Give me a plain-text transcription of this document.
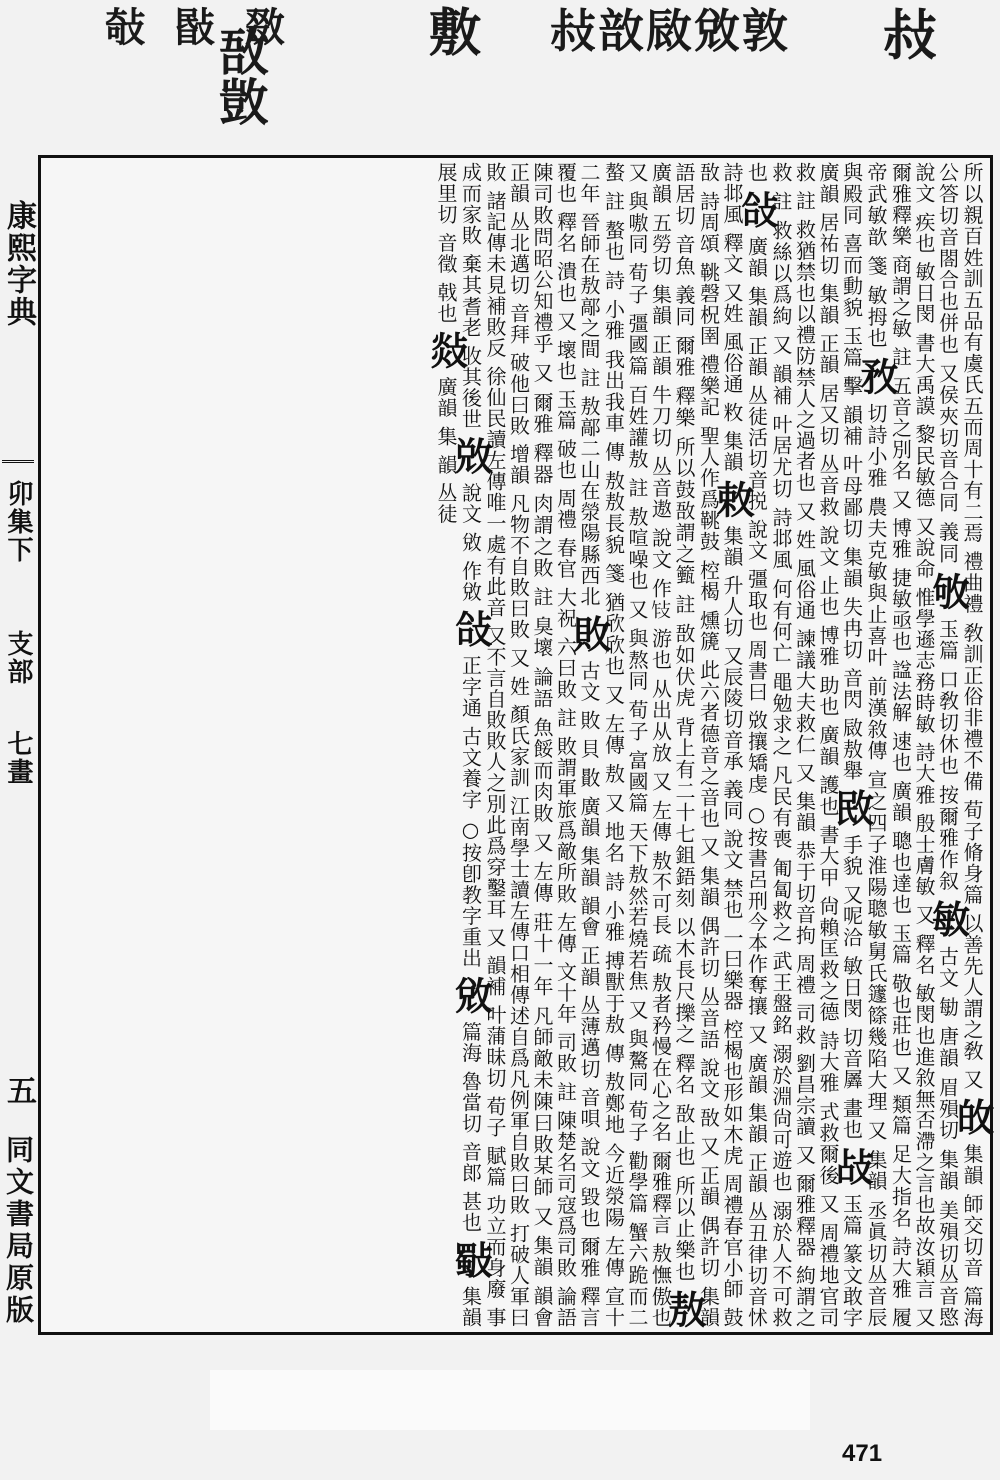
敊
敊敨敐敓敦
敷
敔敳
敧敯敪
康熙字典
卯集下
支部
七畫
五
同文書局原版
所以親百姓訓五品有虞氏五而周十有二焉 禮曲禮 敎訓正俗非禮不備 荀子脩身篇 以善先人謂之敎 又 敀 集韻 師交切音 篇海 公答切音閤合也併也 又侯夾切音合同 義同 敂 玉篇 口敎切休也 按爾雅作叙 敏 古文 勄 唐韻 眉殞切 集韻 美殞切丛音愍 說文 疾也 敏日閔 書大禹謨 黎民敏德 又說命 惟學遜志務時敏 詩大雅 殷士膚敏 又 釋名 敏閔也進敘無否滯之言也故汝穎言 又 爾雅釋樂 商謂之敏 註 五音之別名 又 博雅 捷敏亟也 諡法解 速也 廣韻 聰也達也 玉篇 敬也莊也 又 類篇 足大指名 詩大雅 履帝武敏歆 箋 敏拇也 敄 切詩小雅 農夫克敏與止喜叶 前漢敘傳 宣之四子淮陽聰敏舅氏籧篨幾陷大理 又 集韻 丞眞切丛音辰 與殿同 喜而動貌 玉篇 擊 韻補 叶母鄙切 集韻 失冉切 音閃 敐敖舉 敃 手貌 又呢洽 敏日閔 切音羼 畫也 敁 玉篇 篆文敢字 廣韻 居祐切 集韻 正韻 居又切 丛音救 說文 止也 博雅 助也 廣韻 護也 書大甲 尙賴匡救之德 詩大雅 式救爾後 又 周禮地官司救 註 救猶禁也以禮防禁人之過者也 又 姓 風俗通 諫議大夫救仁 又 集韻 恭于切音拘 周禮 司救 劉昌宗讀 又 爾雅釋器 絇謂之救 註 救絲以爲絇 又 韻補 叶居尤切 詩邶風 何有何亡 黽勉求之 凡民有喪 匍匐救之 武王盤銘 溺於淵尙可遊也 溺於人不可救也 敆 廣韻 集韻 正韻 丛徒活切音捝 說文 彊取也 周書曰 敚攘矯虔 ○按書呂刑今本作奪攘 又 廣韻 集韻 正韻 丛丑律切音怵 詩邶風 釋文 又姓 風俗通 敉 集韻 敕 集韻 升人切 又辰陵切音承 義同 說文 禁也 一曰樂器 椌楬也形如木虎 周禮春官小師 鼓敔 詩周頌 鞉磬柷圉 禮樂記 聖人作爲鞉鼓 椌楬 燻篪 此六者德音之音也 又 集韻 偶許切 丛音語 說文 敔 又 正韻 偶許切 集韻 語居切 音魚 義同 爾雅 釋樂 所以鼓敔謂之籈 註 敔如伏虎 背上有二十七鉏鋙刻 以木長尺擽之 釋名 敔止也 所以止樂也 敖 廣韻 五勞切 集韻 正韻 牛刀切 丛音遨 說文 作𢼎 游也 从出从放 又 左傳 敖不可長 疏 敖者矜慢在心之名 爾雅釋言 敖憮傲也 又 與嗷同 荀子 彊國篇 百姓讙敖 註 敖喧噪也 又 與熬同 荀子 富國篇 天下敖然若燒若焦 又 與驁同 荀子 勸學篇 蟹六跪而二螯 註 螯也 詩 小雅 我出我車 傳 敖敖長貌 箋 猶欣欣也 又 左傳 敖 又 地名 詩 小雅 搏獸于敖 傳 敖鄭地 今近滎陽 左傳 宣十二年 晉師在敖鄗之間 註 敖鄗二山在滎陽縣西北 敗 古文 敗 貝 贁 廣韻 集韻 韻會 正韻 丛薄邁切 音唄 說文 毀也 爾雅 釋言 覆也 釋名 潰也 又 壞也 玉篇 破也 周禮 春官 大祝 六曰敗 註 敗謂軍旅爲敵所敗 左傳 文十年 司敗 註 陳楚名司寇爲司敗 論語 陳司敗問昭公知禮乎 又 爾雅 釋器 肉謂之敗 註 臭壞 論語 魚餒而肉敗 又 左傳 莊十一年 凡師敵未陳曰敗某師 又 集韻 韻會 正韻 丛北邁切 音拜 破他曰敗 增韻 凡物不自敗曰敗 又 姓 顏氏家訓 江南學士讀左傳口相傳述自爲凡例軍自敗曰敗 打破人軍曰敗 諸記傳未見補敗反 徐仙民讀左傳唯一處有此音 又不言自敗敗人之別此爲穿鑿耳 又 韻補 叶蒲昧切 荀子 賦篇 功立而身廢 事成而家敗 棄其耆老 收其後世 敚 說文 敓 作敓 敆 正字通 古文養字 ○按卽教字重出 敓 篇海 魯當切 音郎 甚也 斀 集韻 展里切 音徵 戟也 敥 廣韻 集 韻 丛徒
471
